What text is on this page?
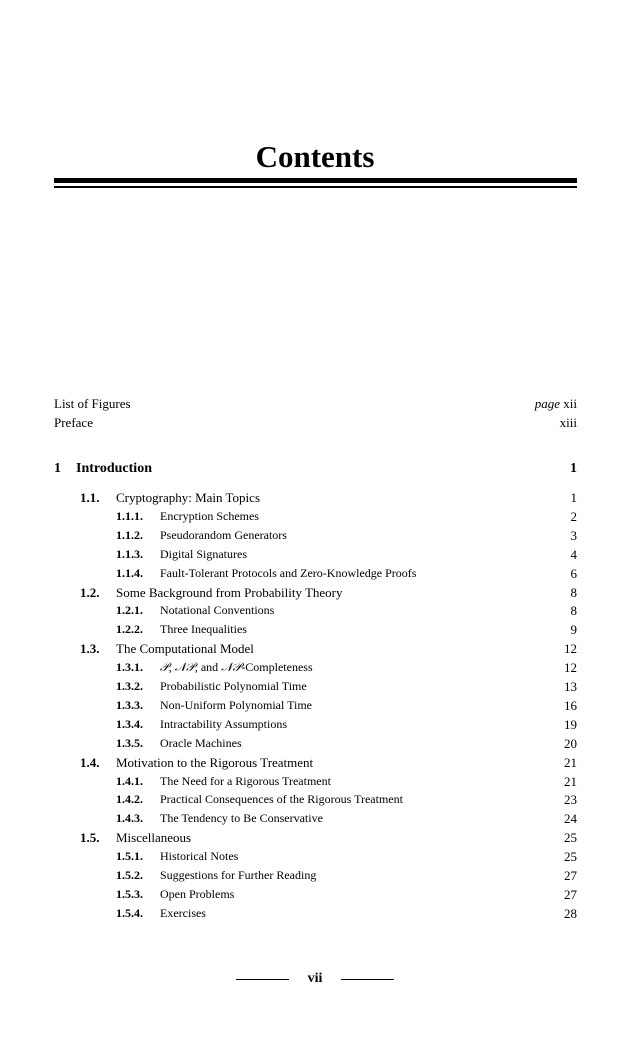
Contents
List of Figures	page xii
Preface	xiii
1 Introduction	1
1.1. Cryptography: Main Topics	1
1.1.1. Encryption Schemes	2
1.1.2. Pseudorandom Generators	3
1.1.3. Digital Signatures	4
1.1.4. Fault-Tolerant Protocols and Zero-Knowledge Proofs	6
1.2. Some Background from Probability Theory	8
1.2.1. Notational Conventions	8
1.2.2. Three Inequalities	9
1.3. The Computational Model	12
1.3.1. 𝒫, 𝒩𝒫, and 𝒩𝒫-Completeness	12
1.3.2. Probabilistic Polynomial Time	13
1.3.3. Non-Uniform Polynomial Time	16
1.3.4. Intractability Assumptions	19
1.3.5. Oracle Machines	20
1.4. Motivation to the Rigorous Treatment	21
1.4.1. The Need for a Rigorous Treatment	21
1.4.2. Practical Consequences of the Rigorous Treatment	23
1.4.3. The Tendency to Be Conservative	24
1.5. Miscellaneous	25
1.5.1. Historical Notes	25
1.5.2. Suggestions for Further Reading	27
1.5.3. Open Problems	27
1.5.4. Exercises	28
vii
